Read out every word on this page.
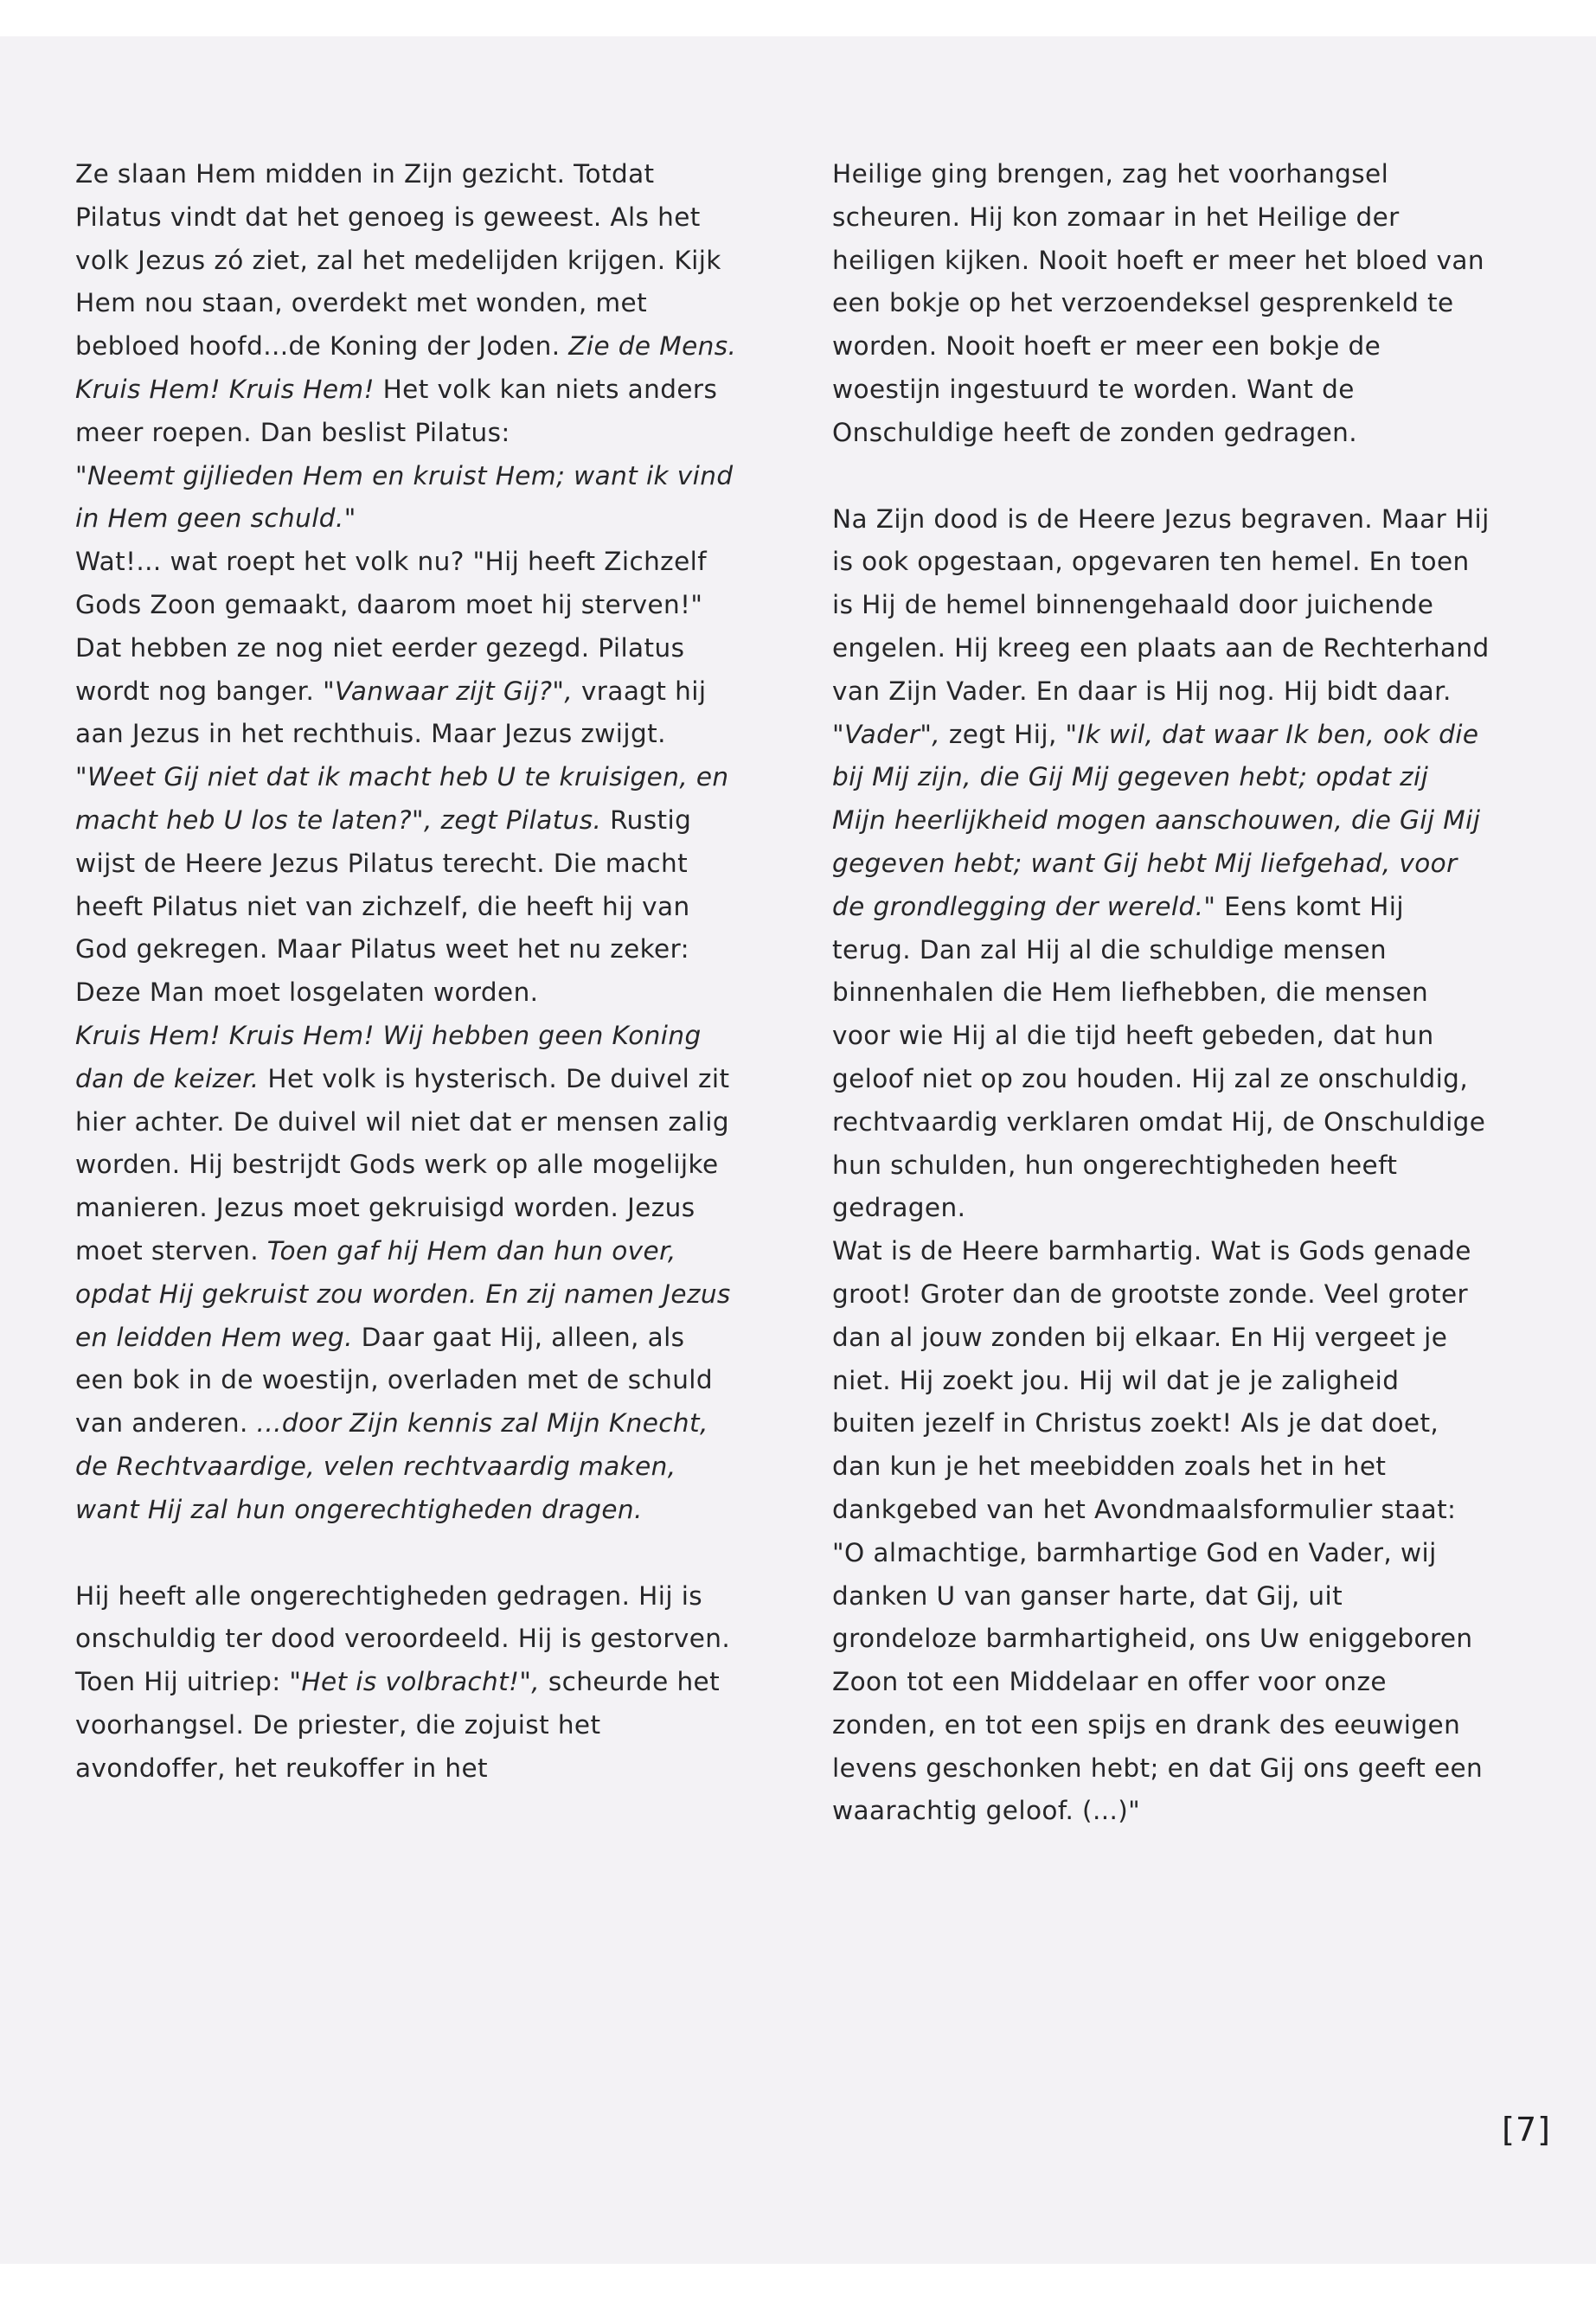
Ze slaan Hem midden in Zijn gezicht. Totdat Pilatus vindt dat het genoeg is geweest. Als het volk Jezus zó ziet, zal het medelijden krijgen. Kijk Hem nou staan, overdekt met wonden, met bebloed hoofd...de Koning der Joden. Zie de Mens.
Kruis Hem! Kruis Hem! Het volk kan niets anders meer roepen. Dan beslist Pilatus:
"Neemt gijlieden Hem en kruist Hem; want ik vind in Hem geen schuld."
Wat!... wat roept het volk nu? "Hij heeft Zichzelf Gods Zoon gemaakt, daarom moet hij sterven!" Dat hebben ze nog niet eerder gezegd. Pilatus wordt nog banger. "Vanwaar zijt Gij?", vraagt hij aan Jezus in het rechthuis. Maar Jezus zwijgt. "Weet Gij niet dat ik macht heb U te kruisigen, en macht heb U los te laten?", zegt Pilatus. Rustig wijst de Heere Jezus Pilatus terecht. Die macht heeft Pilatus niet van zichzelf, die heeft hij van God gekregen. Maar Pilatus weet het nu zeker: Deze Man moet losgelaten worden.
Kruis Hem! Kruis Hem! Wij hebben geen Koning dan de keizer. Het volk is hysterisch. De duivel zit hier achter. De duivel wil niet dat er mensen zalig worden. Hij bestrijdt Gods werk op alle mogelijke manieren. Jezus moet gekruisigd worden. Jezus moet sterven. Toen gaf hij Hem dan hun over, opdat Hij gekruist zou worden. En zij namen Jezus en leidden Hem weg. Daar gaat Hij, alleen, als een bok in de woestijn, overladen met de schuld van anderen. ...door Zijn kennis zal Mijn Knecht, de Rechtvaardige, velen rechtvaardig maken, want Hij zal hun ongerechtigheden dragen.

Hij heeft alle ongerechtigheden gedragen. Hij is onschuldig ter dood veroordeeld. Hij is gestorven. Toen Hij uitriep: "Het is volbracht!", scheurde het voorhangsel. De priester, die zojuist het avondoffer, het reukoffer in het

Heilige ging brengen, zag het voorhangsel scheuren. Hij kon zomaar in het Heilige der heiligen kijken. Nooit hoeft er meer het bloed van een bokje op het verzoendeksel gesprenkeld te worden. Nooit hoeft er meer een bokje de woestijn ingestuurd te worden. Want de Onschuldige heeft de zonden gedragen.

Na Zijn dood is de Heere Jezus begraven. Maar Hij is ook opgestaan, opgevaren ten hemel. En toen is Hij de hemel binnengehaald door juichende engelen. Hij kreeg een plaats aan de Rechterhand van Zijn Vader. En daar is Hij nog. Hij bidt daar. "Vader", zegt Hij, "Ik wil, dat waar Ik ben, ook die bij Mij zijn, die Gij Mij gegeven hebt; opdat zij Mijn heerlijkheid mogen aanschouwen, die Gij Mij gegeven hebt; want Gij hebt Mij liefgehad, voor de grondlegging der wereld." Eens komt Hij terug. Dan zal Hij al die schuldige mensen binnenhalen die Hem liefhebben, die mensen voor wie Hij al die tijd heeft gebeden, dat hun geloof niet op zou houden. Hij zal ze onschuldig, rechtvaardig verklaren omdat Hij, de Onschuldige hun schulden, hun ongerechtigheden heeft gedragen.

Wat is de Heere barmhartig. Wat is Gods genade groot! Groter dan de grootste zonde. Veel groter dan al jouw zonden bij elkaar. En Hij vergeet je niet. Hij zoekt jou. Hij wil dat je je zaligheid buiten jezelf in Christus zoekt! Als je dat doet, dan kun je het meebidden zoals het in het dankgebed van het Avondmaalsformulier staat: "O almachtige, barmhartige God en Vader, wij danken U van ganser harte, dat Gij, uit grondeloze barmhartigheid, ons Uw eniggeboren Zoon tot een Middelaar en offer voor onze zonden, en tot een spijs en drank des eeuwigen levens geschonken hebt; en dat Gij ons geeft een waarachtig geloof. (...)"

[7]
